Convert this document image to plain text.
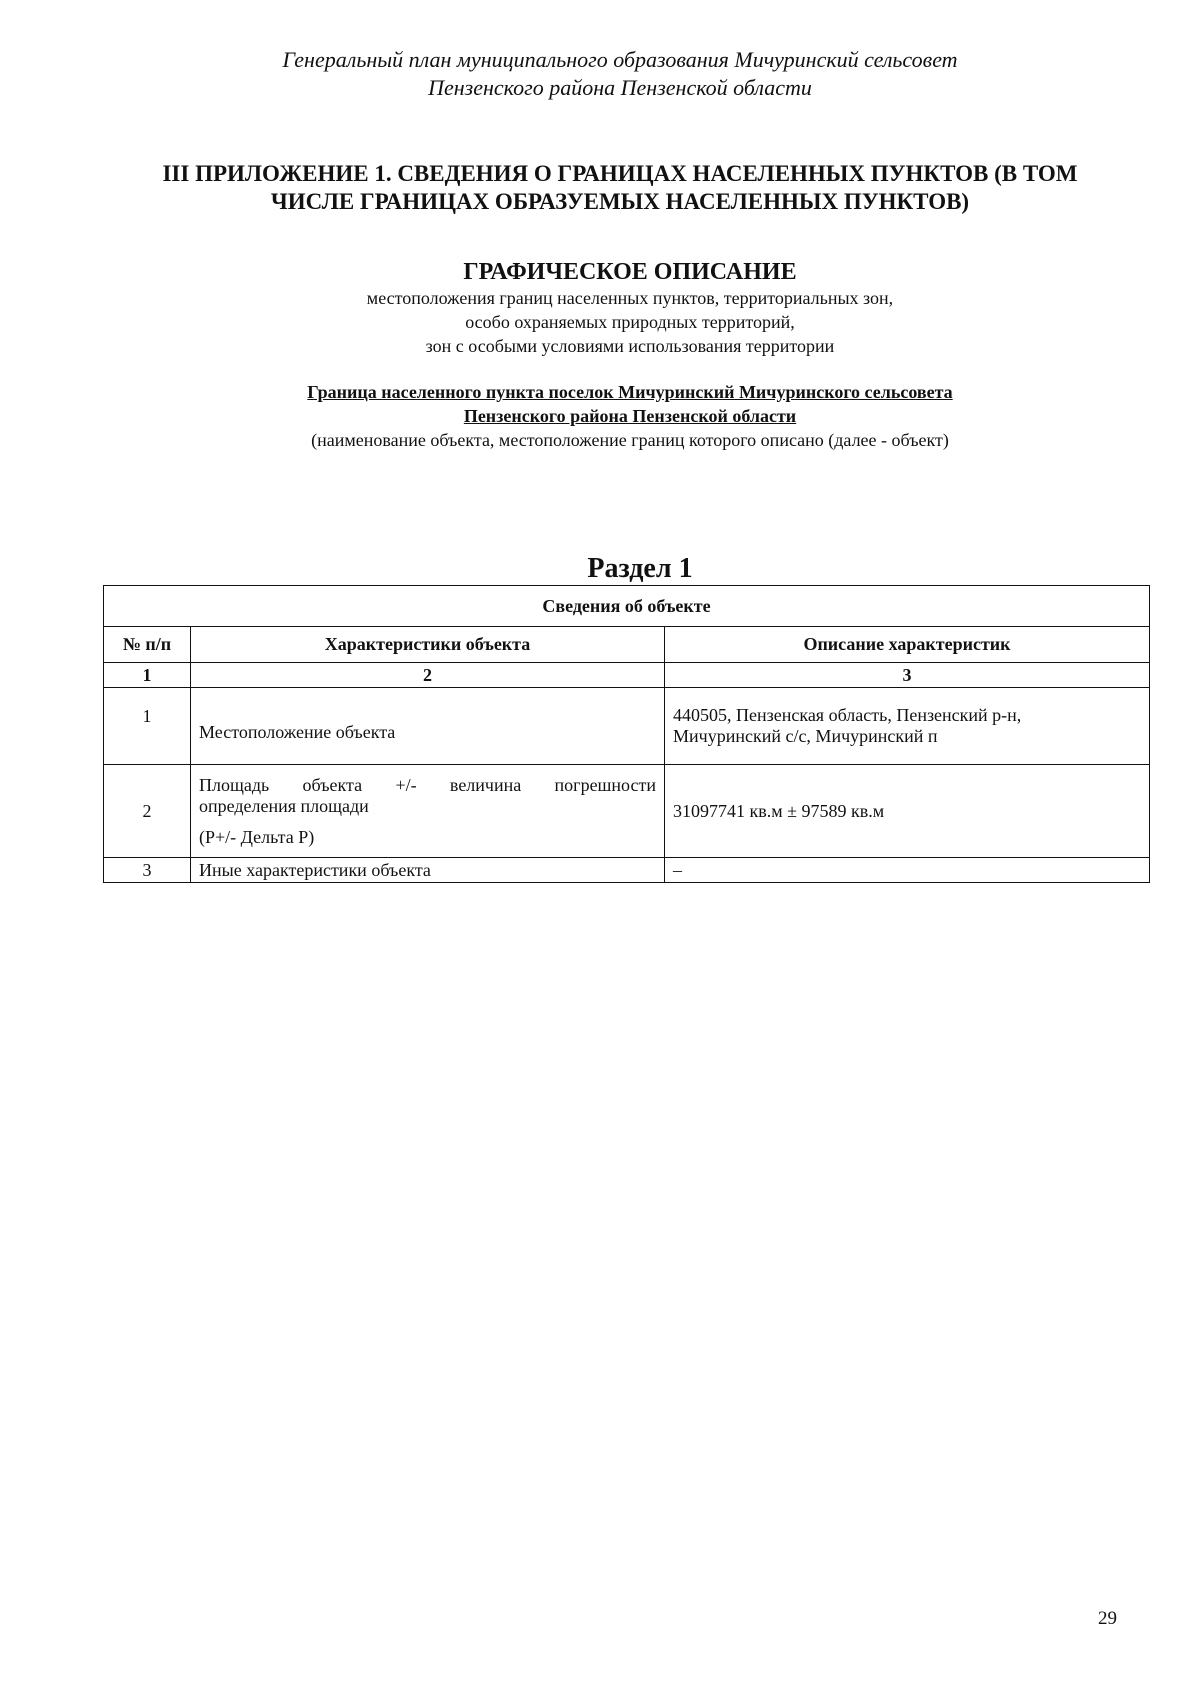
Генеральный план муниципального образования Мичуринский сельсовет
Пензенского района Пензенской области
III ПРИЛОЖЕНИЕ 1. СВЕДЕНИЯ О ГРАНИЦАХ НАСЕЛЕННЫХ ПУНКТОВ (В ТОМ
ЧИСЛЕ ГРАНИЦАХ ОБРАЗУЕМЫХ НАСЕЛЕННЫХ ПУНКТОВ)
ГРАФИЧЕСКОЕ ОПИСАНИЕ
местоположения границ населенных пунктов, территориальных зон,
особо охраняемых природных территорий,
зон с особыми условиями использования территории
Граница населенного пункта поселок Мичуринский Мичуринского сельсовета
Пензенского района Пензенской области
(наименование объекта, местоположение границ которого описано (далее - объект)
Раздел 1
Сведения об объекте		
№ п/п	Характеристики объекта	Описание характеристик
1	2	3
1	Местоположение объекта	440505, Пензенская область, Пензенский р-н,
Мичуринский с/с, Мичуринский п

2	Площадь объекта +/- величина погрешности
определения площади
(Р+/- Дельта Р)	31097741 кв.м ± 97589 кв.м
3	Иные характеристики объекта	–
29
